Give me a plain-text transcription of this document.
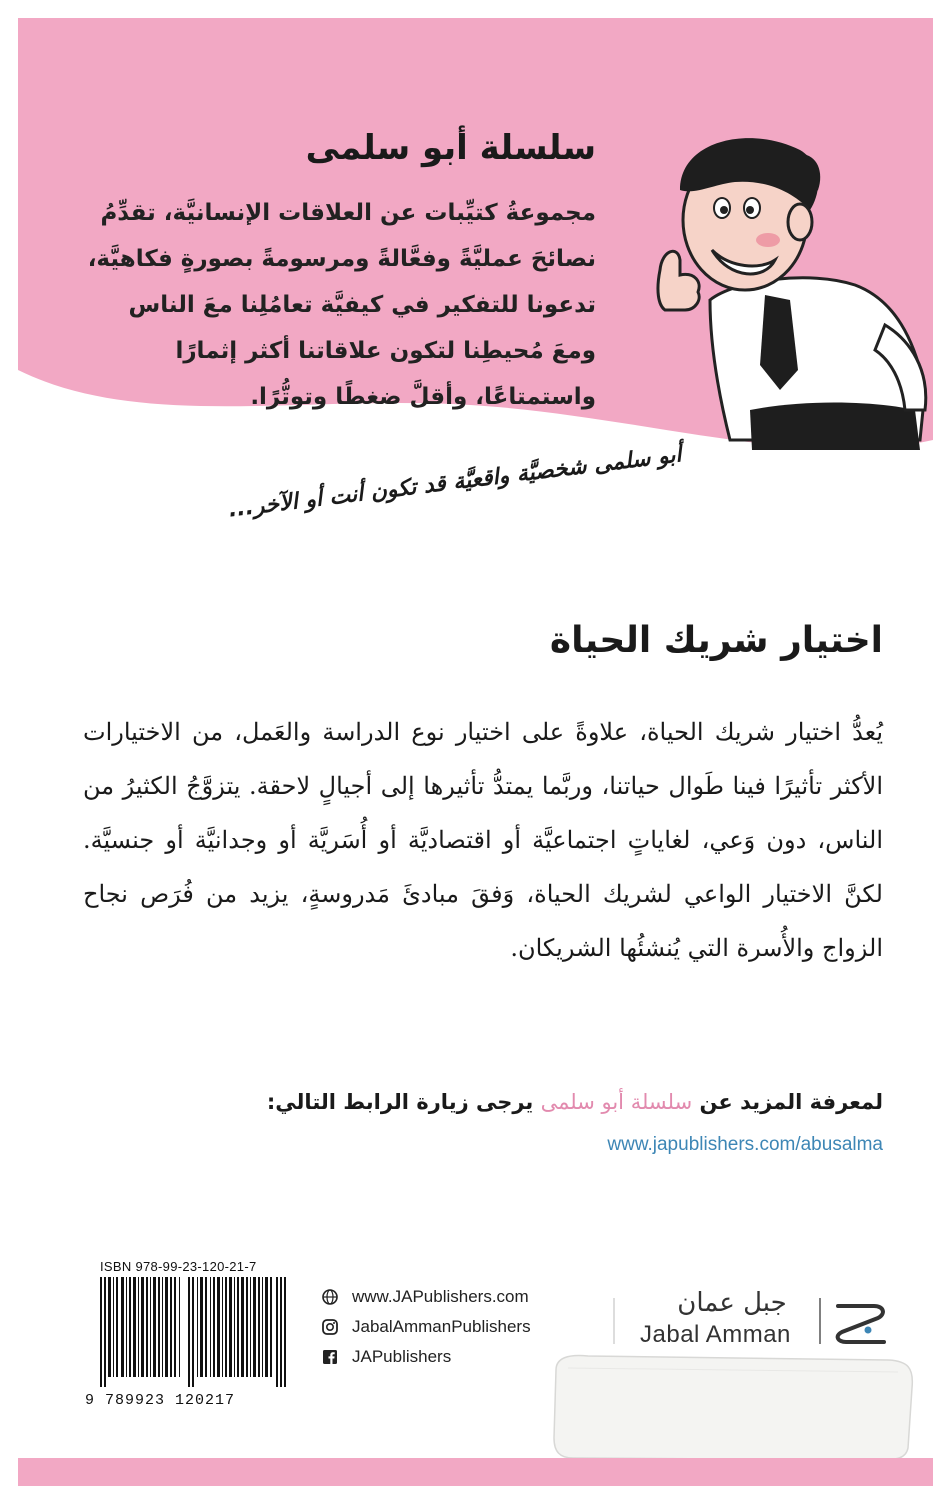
سلسلة أبو سلمى
مجموعةُ كتيِّبات عن العلاقات الإنسانيَّة، تقدِّمُ
نصائحَ عمليَّةً وفعَّالةً ومرسومةً بصورةٍ فكاهيَّة،
تدعونا للتفكير في كيفيَّة تعامُلِنا معَ الناس
ومعَ مُحيطِنا لتكون علاقاتنا أكثر إثمارًا
واستمتاعًا، وأقلَّ ضغطًا وتوتُّرًا.
أبو سلمى شخصيَّة واقعيَّة قد تكون أنت أو الآخر...
اختيار شريك الحياة
يُعدُّ اختيار شريك الحياة، علاوةً على اختيار نوع الدراسة والعَمل، من الاختيارات الأكثر تأثيرًا فينا طَوال حياتنا، وربَّما يمتدُّ تأثيرها إلى أجيالٍ لاحقة. يتزوَّجُ الكثيرُ من الناس، دون وَعي، لغاياتٍ اجتماعيَّة أو اقتصاديَّة أو أُسَريَّة أو وجدانيَّة أو جنسيَّة. لكنَّ الاختيار الواعي لشريك الحياة، وَفقَ مبادئَ مَدروسةٍ، يزيد من فُرَص نجاح الزواج والأُسرة التي يُنشئُها الشريكان.
لمعرفة المزيد عن سلسلة أبو سلمى يرجى زيارة الرابط التالي:
www.japublishers.com/abusalma
ISBN 978-99-23-120-21-7
9 789923 120217
www.JAPublishers.com
JabalAmmanPublishers
JAPublishers
جبل عمان
Jabal Amman
